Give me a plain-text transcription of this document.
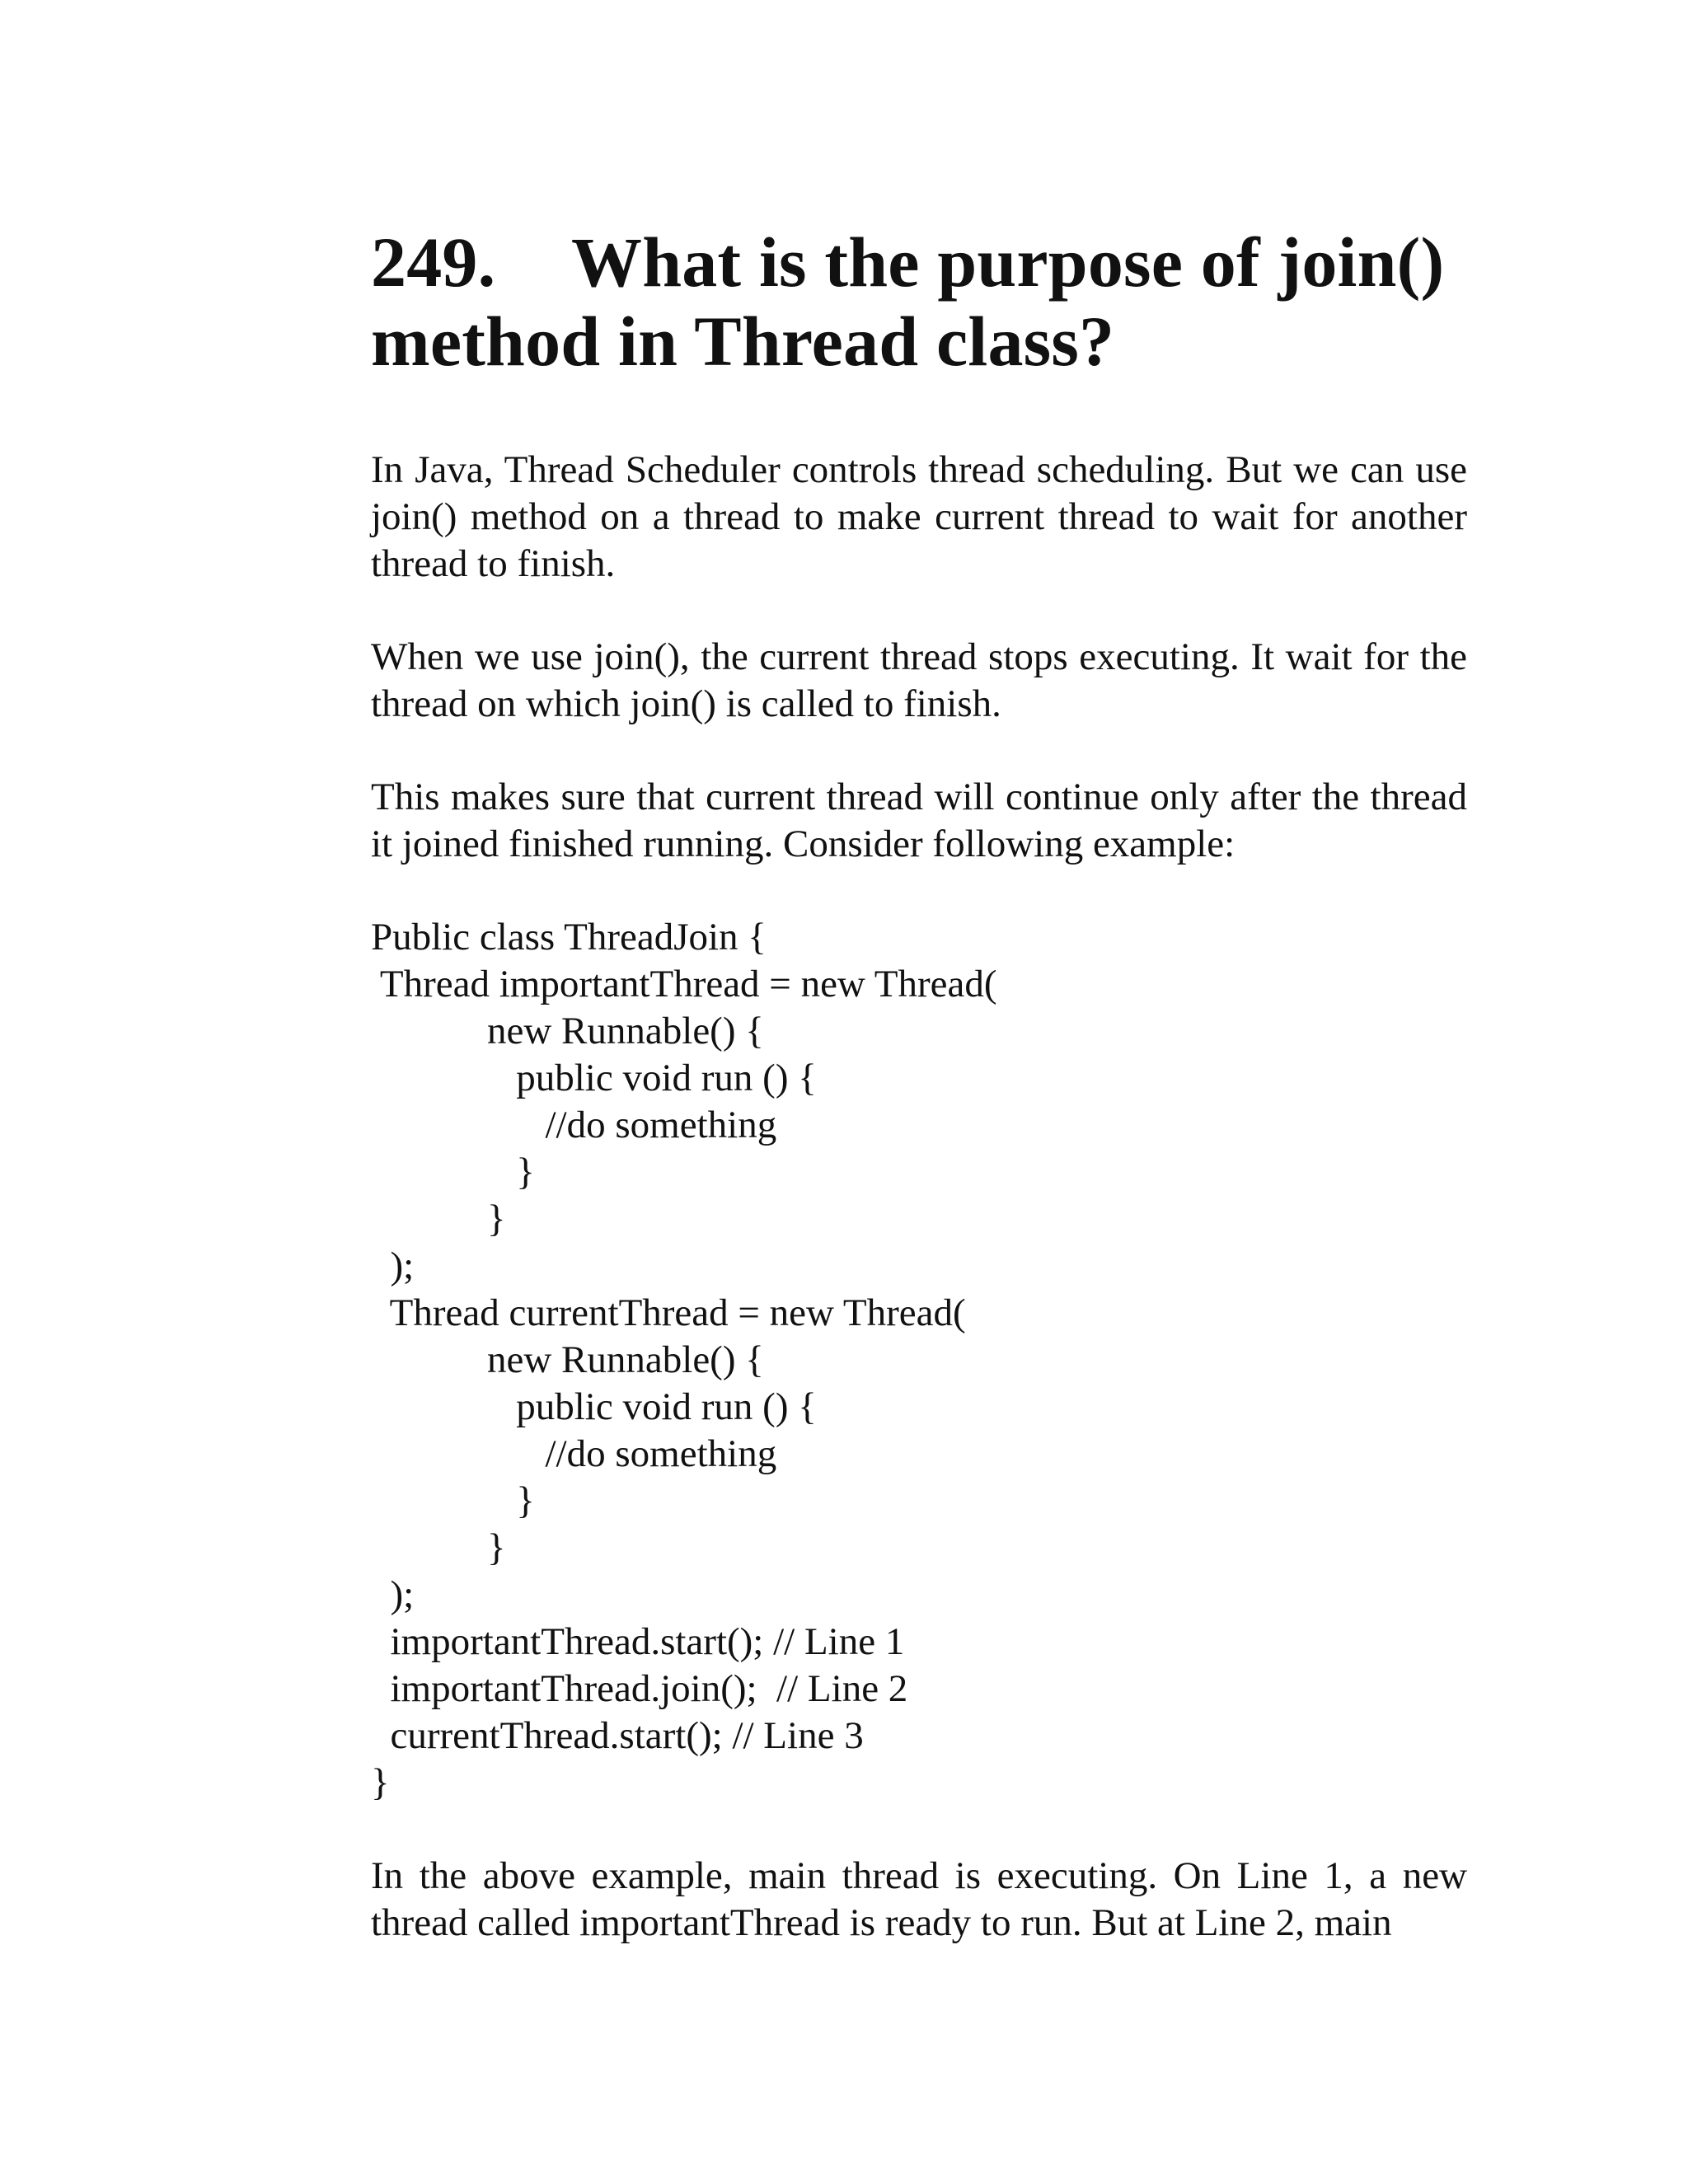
249. What is the purpose of join()
method in Thread class?

In Java, Thread Scheduler controls thread scheduling. But we can use join() method on a thread to make current thread to wait for another thread to finish.

When we use join(), the current thread stops executing. It wait for the thread on which join() is called to finish.

This makes sure that current thread will continue only after the thread it joined finished running. Consider following example:

Public class ThreadJoin {
Thread importantThread = new Thread(
new Runnable() {
public void run () {
//do something
}
}
);
Thread currentThread = new Thread(
new Runnable() {
public void run () {
//do something
}
}
);
importantThread.start(); // Line 1
importantThread.join();  // Line 2
currentThread.start(); // Line 3
}

In the above example, main thread is executing. On Line 1, a new thread called importantThread is ready to run. But at Line 2, main
